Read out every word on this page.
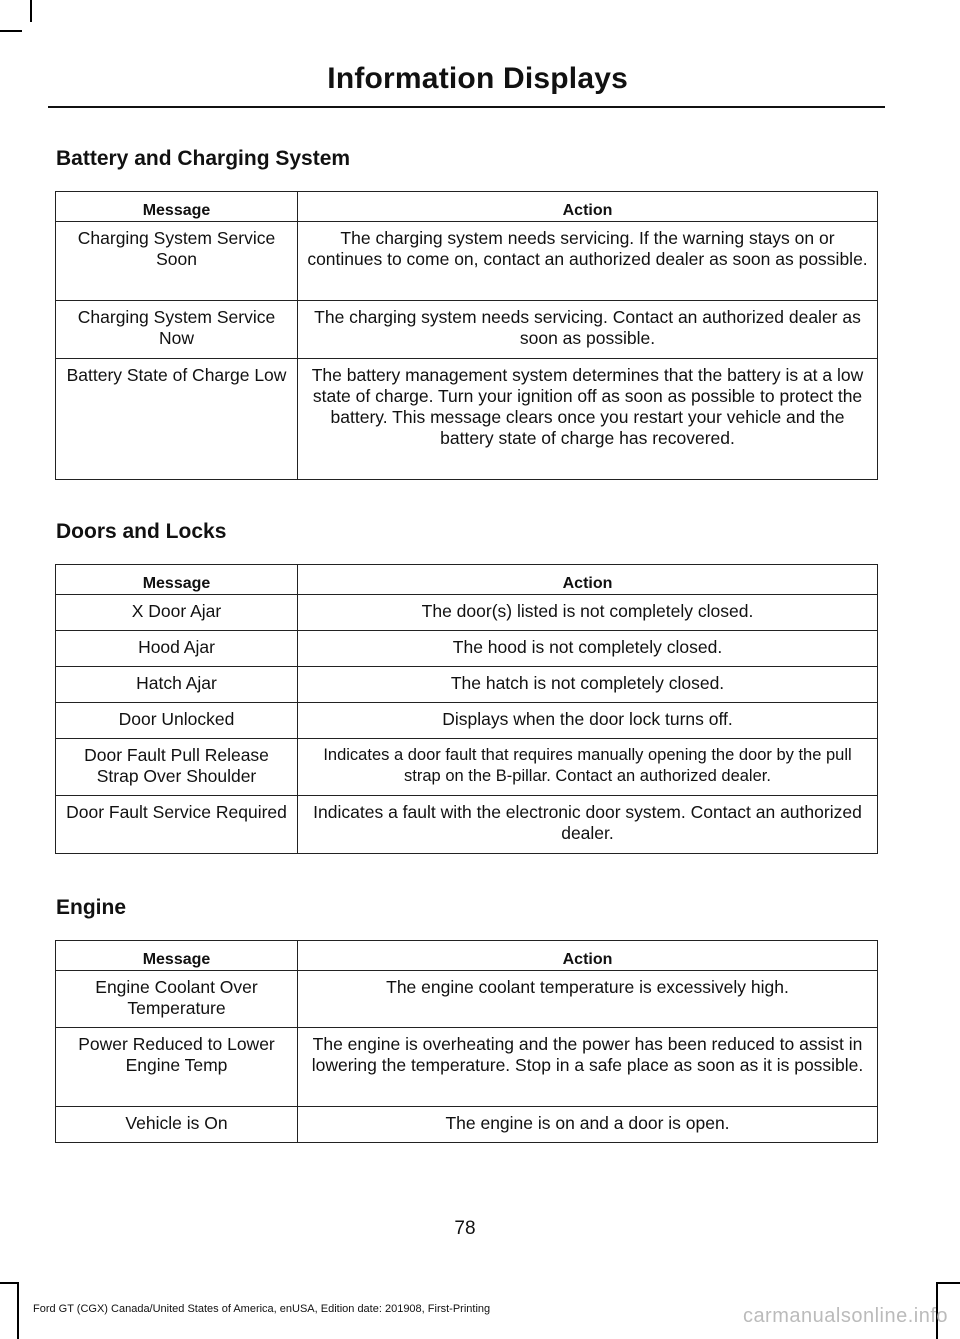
Information Displays
Battery and Charging System
Message	Action
Charging System Service Soon	The charging system needs servicing. If the warning stays on or continues to come on, contact an authorized dealer as soon as possible.
Charging System Service Now	The charging system needs servicing. Contact an authorized dealer as soon as possible.
Battery State of Charge Low	The battery management system determines that the battery is at a low state of charge. Turn your ignition off as soon as possible to protect the battery. This message clears once you restart your vehicle and the battery state of charge has recovered.
Doors and Locks
Message	Action
X Door Ajar	The door(s) listed is not completely closed.
Hood Ajar	The hood is not completely closed.
Hatch Ajar	The hatch is not completely closed.
Door Unlocked	Displays when the door lock turns off.
Door Fault Pull Release Strap Over Shoulder	Indicates a door fault that requires manually opening the door by the pull strap on the B-pillar. Contact an authorized dealer.
Door Fault Service Required	Indicates a fault with the electronic door system. Contact an authorized dealer.
Engine
Message	Action
Engine Coolant Over Temperature	The engine coolant temperature is excessively high.
Power Reduced to Lower Engine Temp	The engine is overheating and the power has been reduced to assist in lowering the temperature. Stop in a safe place as soon as it is possible.
Vehicle is On	The engine is on and a door is open.
78
Ford GT (CGX) Canada/United States of America, enUSA, Edition date: 201908, First-Printing	carmanualsonline.info
